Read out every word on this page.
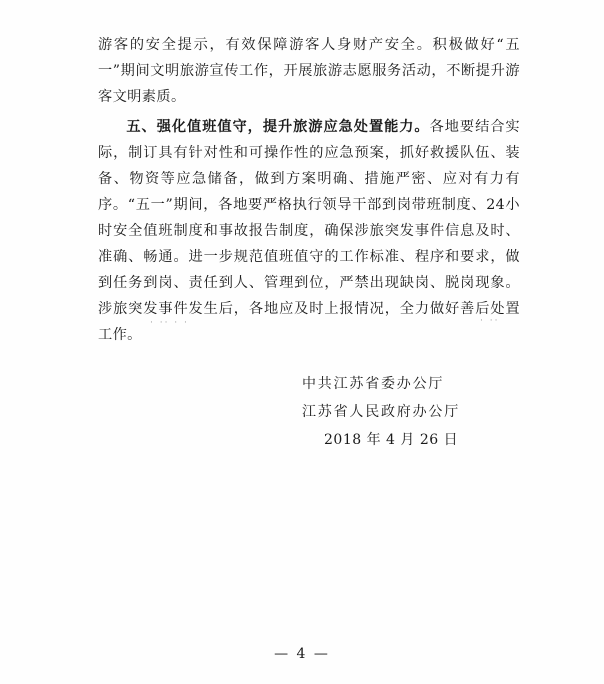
游客的安全提示，有效保障游客人身财产安全。积极做好“五一”期间文明旅游宣传工作，开展旅游志愿服务活动，不断提升游客文明素质。

五、强化值班值守，提升旅游应急处置能力。各地要结合实际，制订具有针对性和可操作性的应急预案，抓好救援队伍、装备、物资等应急储备，做到方案明确、措施严密、应对有力有序。“五一”期间，各地要严格执行领导干部到岗带班制度、24小时安全值班制度和事故报告制度，确保涉旅突发事件信息及时、准确、畅通。进一步规范值班值守的工作标准、程序和要求，做到任务到岗、责任到人、管理到位，严禁出现缺岗、脱岗现象。涉旅突发事件发生后，各地应及时上报情况，全力做好善后处置工作。

· ·· · ·	· ··
中共江苏省委办公厅
江苏省人民政府办公厅
2018 年 4 月 26 日
— 4 —
